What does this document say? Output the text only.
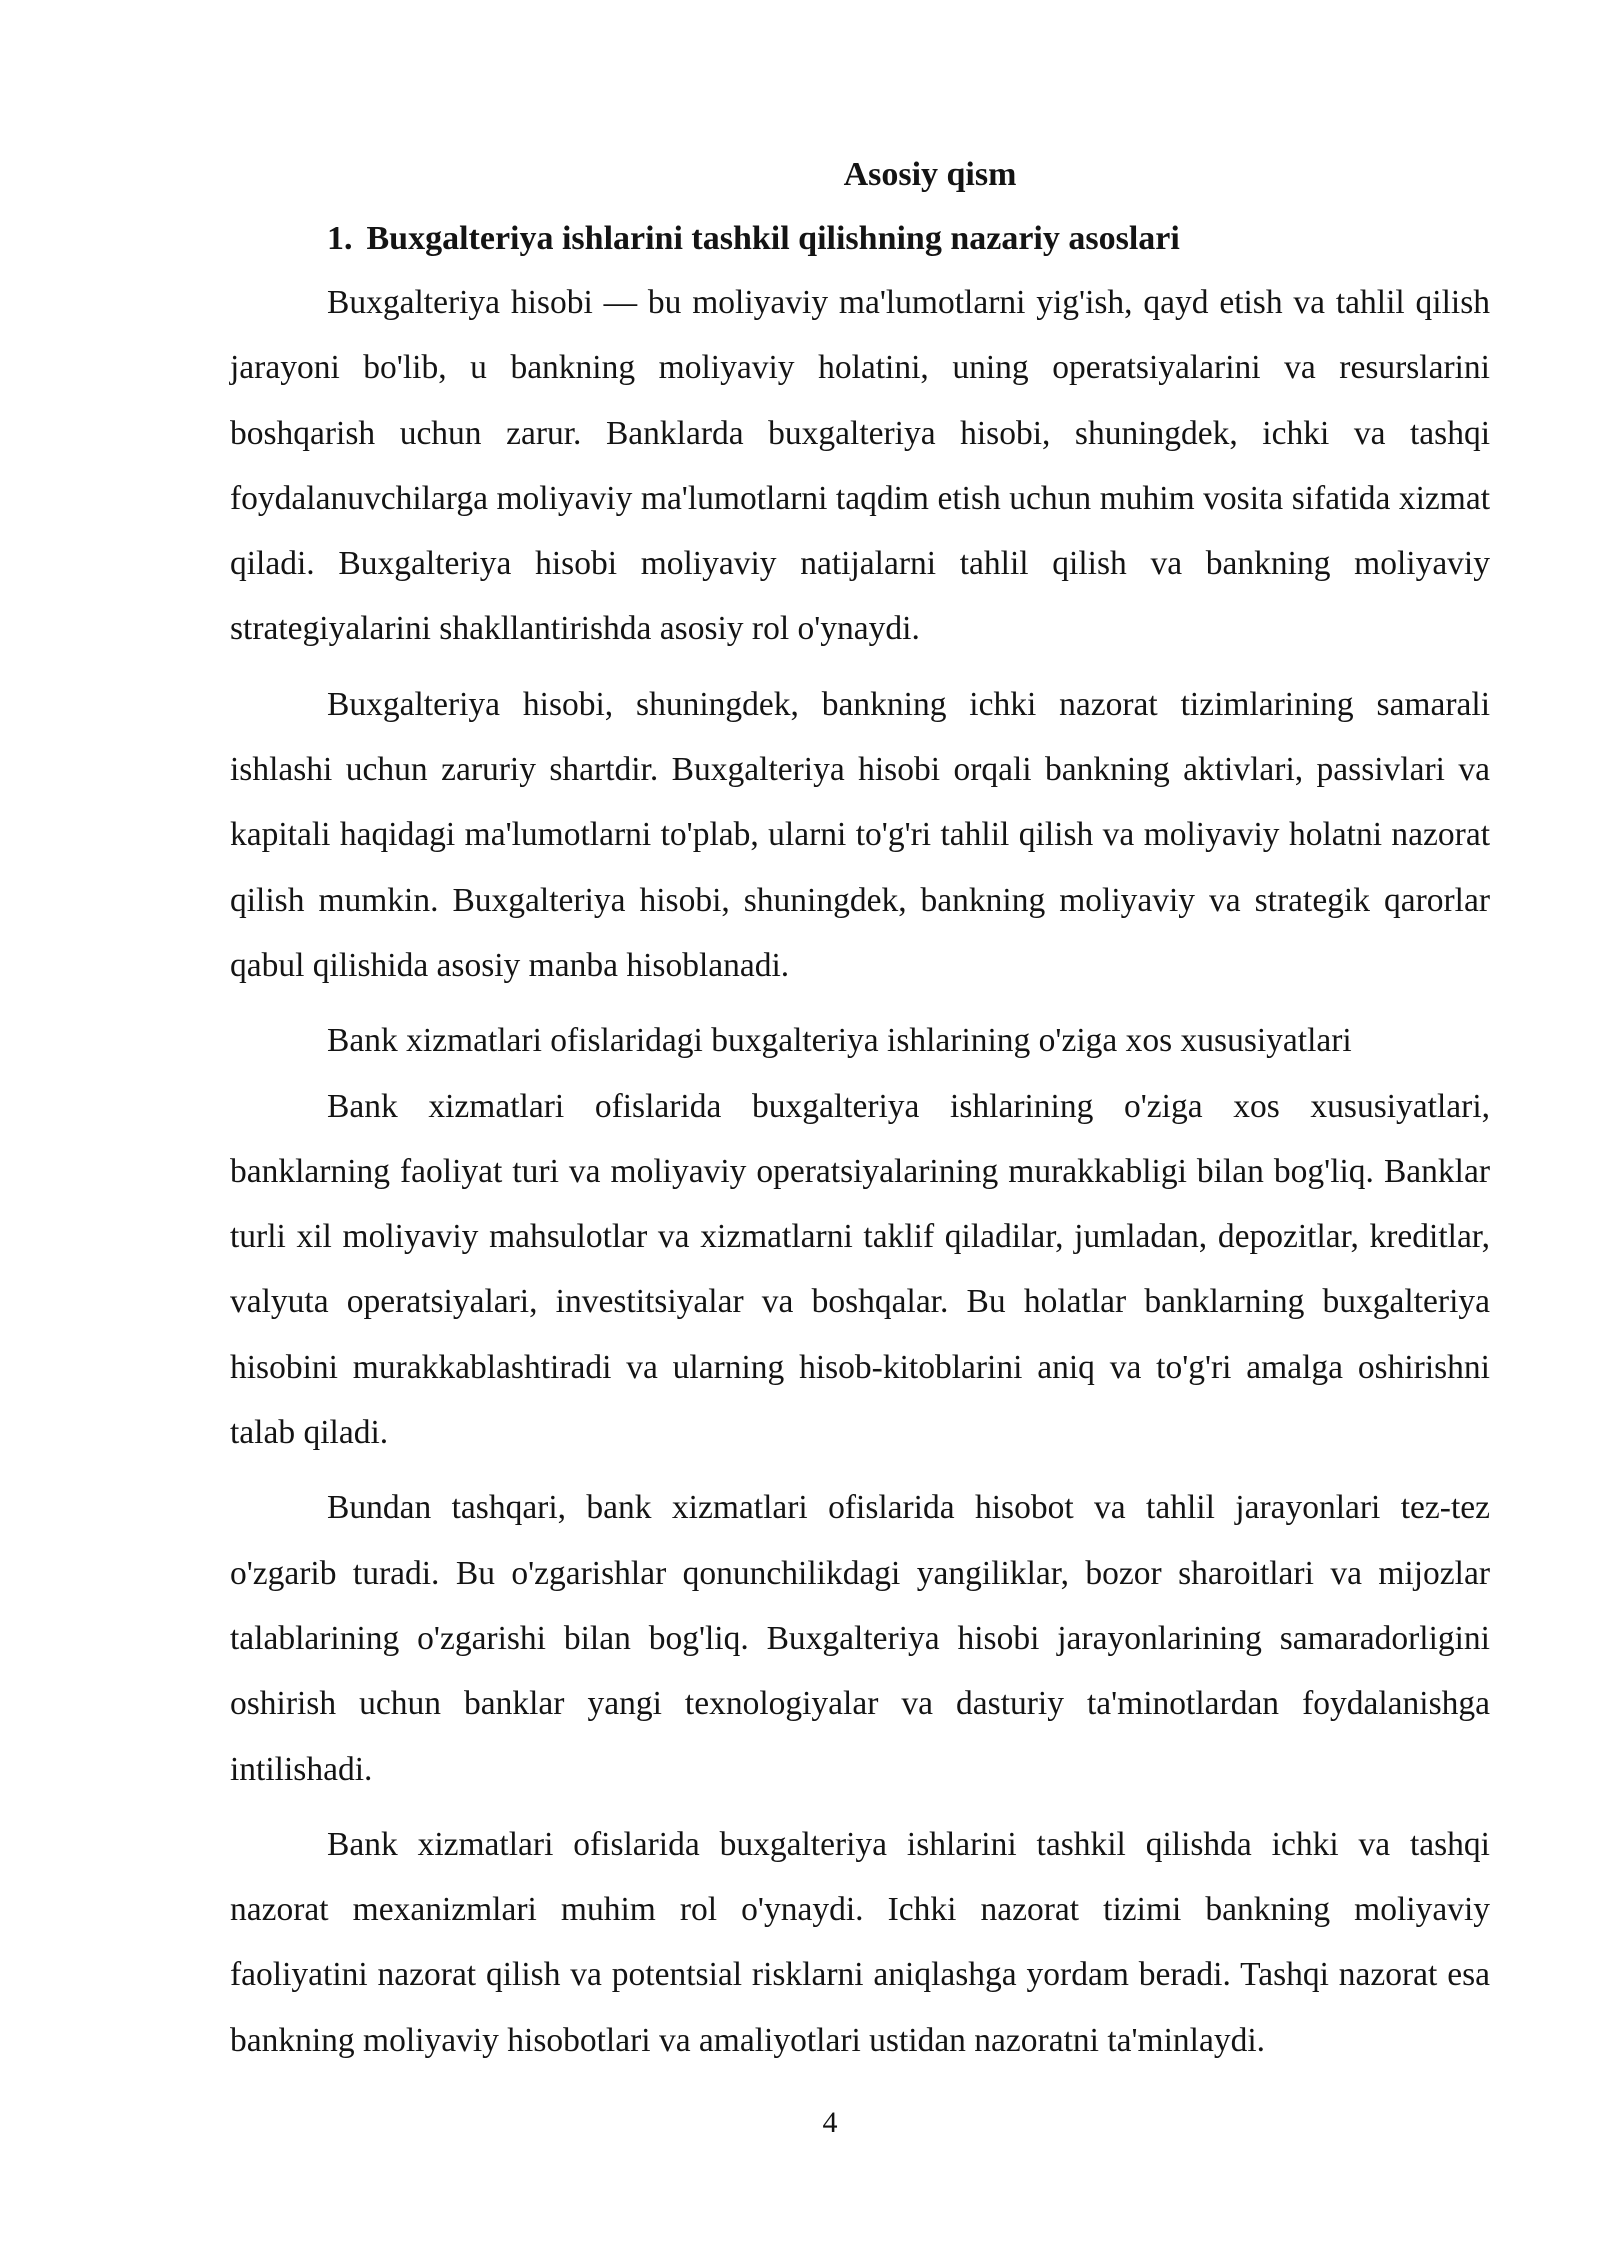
Asosiy qism
1. Buxgalteriya ishlarini tashkil qilishning nazariy asoslari

Buxgalteriya hisobi — bu moliyaviy ma'lumotlarni yig'ish, qayd etish va tahlil qilish jarayoni bo'lib, u bankning moliyaviy holatini, uning operatsiyalarini va resurslarini boshqarish uchun zarur. Banklarda buxgalteriya hisobi, shuningdek, ichki va tashqi foydalanuvchilarga moliyaviy ma'lumotlarni taqdim etish uchun muhim vosita sifatida xizmat qiladi. Buxgalteriya hisobi moliyaviy natijalarni tahlil qilish va bankning moliyaviy strategiyalarini shakllantirishda asosiy rol o'ynaydi.

Buxgalteriya hisobi, shuningdek, bankning ichki nazorat tizimlarining samarali ishlashi uchun zaruriy shartdir. Buxgalteriya hisobi orqali bankning aktivlari, passivlari va kapitali haqidagi ma'lumotlarni to'plab, ularni to'g'ri tahlil qilish va moliyaviy holatni nazorat qilish mumkin. Buxgalteriya hisobi, shuningdek, bankning moliyaviy va strategik qarorlar qabul qilishida asosiy manba hisoblanadi.

Bank xizmatlari ofislaridagi buxgalteriya ishlarining o'ziga xos xususiyatlari

Bank xizmatlari ofislarida buxgalteriya ishlarining o'ziga xos xususiyatlari, banklarning faoliyat turi va moliyaviy operatsiyalarining murakkabligi bilan bog'liq. Banklar turli xil moliyaviy mahsulotlar va xizmatlarni taklif qiladilar, jumladan, depozitlar, kreditlar, valyuta operatsiyalari, investitsiyalar va boshqalar. Bu holatlar banklarning buxgalteriya hisobini murakkablashtiradi va ularning hisob-kitoblarini aniq va to'g'ri amalga oshirishni talab qiladi.

Bundan tashqari, bank xizmatlari ofislarida hisobot va tahlil jarayonlari tez-tez o'zgarib turadi. Bu o'zgarishlar qonunchilikdagi yangiliklar, bozor sharoitlari va mijozlar talablarining o'zgarishi bilan bog'liq. Buxgalteriya hisobi jarayonlarining samaradorligini oshirish uchun banklar yangi texnologiyalar va dasturiy ta'minotlardan foydalanishga intilishadi.

Bank xizmatlari ofislarida buxgalteriya ishlarini tashkil qilishda ichki va tashqi nazorat mexanizmlari muhim rol o'ynaydi. Ichki nazorat tizimi bankning moliyaviy faoliyatini nazorat qilish va potentsial risklarni aniqlashga yordam beradi. Tashqi nazorat esa bankning moliyaviy hisobotlari va amaliyotlari ustidan nazoratni ta'minlaydi.

4
